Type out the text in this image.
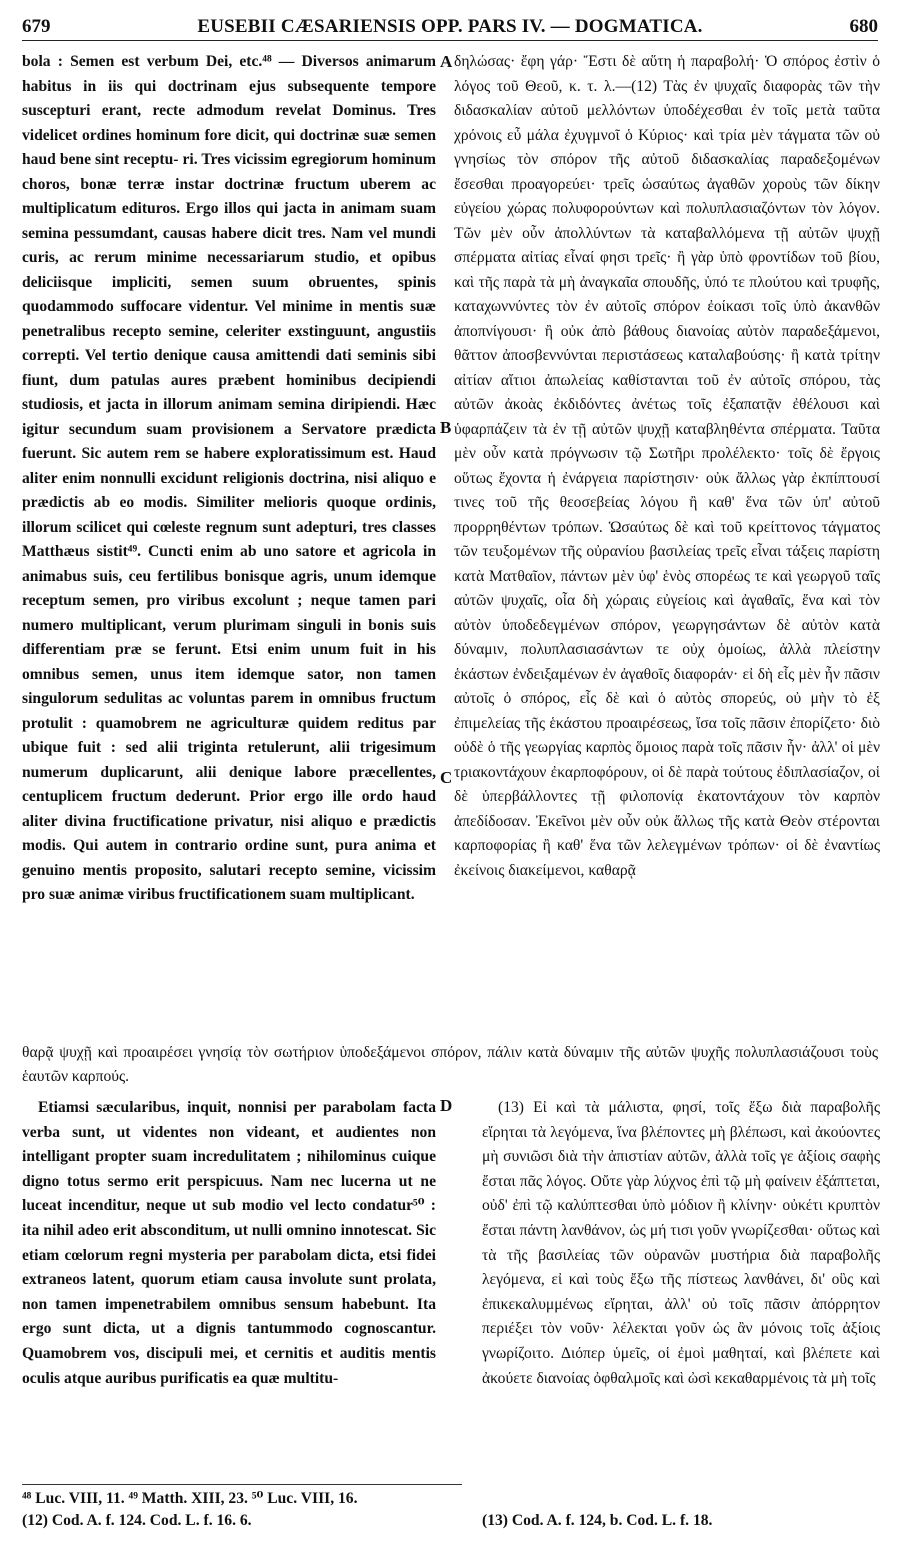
679	EUSEBII CÆSARIENSIS OPP. PARS IV. — DOGMATICA.	680

bola : Semen est verbum Dei, etc.⁴⁸ — Diversos animarum habitus in iis qui doctrinam ejus subsequente tempore suscepturi erant, recte admodum revelat Dominus. Tres videlicet ordines hominum fore dicit, qui doctrinæ suæ semen haud bene sint receptu- ri. Tres vicissim egregiorum hominum choros, bonæ terræ instar doctrinæ fructum uberem ac multiplicatum edituros. Ergo illos qui jacta in animam suam semina pessumdant, causas habere dicit tres. Nam vel mundi curis, ac rerum minime necessariarum studio, et opibus deliciisque impliciti, semen suum obruentes, spinis quodammodo suffocare videntur. Vel minime in mentis suæ penetralibus recepto semine, celeriter exstinguunt, angustiis correpti. Vel tertio denique causa amittendi dati seminis sibi fiunt, dum patulas aures præbent hominibus decipiendi studiosis, et jacta in illorum animam semina diripiendi. Hæc igitur secundum suam provisionem a Servatore prædicta fuerunt. Sic autem rem se habere exploratissimum est. Haud aliter enim nonnulli excidunt religionis doctrina, nisi aliquo e prædictis ab eo modis. Similiter melioris quoque ordinis, illorum scilicet qui cœleste regnum sunt adepturi, tres classes Matthæus sistit⁴⁹. Cuncti enim ab uno satore et agricola in animabus suis, ceu fertilibus bonisque agris, unum idemque receptum semen, pro viribus excolunt ; neque tamen pari numero multiplicant, verum plurimam singuli in bonis suis differentiam præ se ferunt. Etsi enim unum fuit in his omnibus semen, unus item idemque sator, non tamen singulorum sedulitas ac voluntas parem in omnibus fructum protulit : quamobrem ne agriculturæ quidem reditus par ubique fuit : sed alii triginta retulerunt, alii trigesimum numerum duplicarunt, alii denique labore præcellentes, centuplicem fructum dederunt. Prior ergo ille ordo haud aliter divina fructificatione privatur, nisi aliquo e prædictis modis. Qui autem in contrario ordine sunt, pura anima et genuino mentis proposito, salutari recepto semine, vicissim pro suæ animæ viribus fructificationem suam multiplicant.

A
B
C
D

δηλώσας· ἔφη γάρ· Ἔστι δὲ αὕτη ἡ παραβολή· Ὁ σπόρος ἐστὶν ὁ λόγος τοῦ Θεοῦ, κ. τ. λ.—(12) Τὰς ἐν ψυχαῖς διαφορὰς τῶν τὴν διδασκαλίαν αὐτοῦ μελλόντων ὑποδέχεσθαι ἐν τοῖς μετὰ ταῦτα χρόνοις εὖ μάλα ἐχυγμνοῖ ὁ Κύριος· καὶ τρία μὲν τάγματα τῶν οὐ γνησίως τὸν σπόρον τῆς αὐτοῦ διδασκαλίας παραδεξομένων ἔσεσθαι προαγορεύει· τρεῖς ὡσαύτως ἀγαθῶν χοροὺς τῶν δίκην εὐγείου χώρας πολυφορούντων καὶ πολυπλασιαζόντων τὸν λόγον. Τῶν μὲν οὖν ἀπολλύντων τὰ καταβαλλόμενα τῇ αὐτῶν ψυχῇ σπέρματα αἰτίας εἶναί φησι τρεῖς· ἢ γὰρ ὑπὸ φροντίδων τοῦ βίου, καὶ τῆς παρὰ τὰ μὴ ἀναγκαῖα σπουδῆς, ὑπό τε πλούτου καὶ τρυφῆς, καταχωννύντες τὸν ἐν αὐτοῖς σπόρον ἐοίκασι τοῖς ὑπὸ ἀκανθῶν ἀποπνίγουσι· ἢ οὐκ ἀπὸ βάθους διανοίας αὐτὸν παραδεξάμενοι, θᾶττον ἀποσβεννύνται περιστάσεως καταλαβούσης· ἢ κατὰ τρίτην αἰτίαν αἴτιοι ἀπωλείας καθίστανται τοῦ ἐν αὐτοῖς σπόρου, τὰς αὐτῶν ἀκοὰς ἐκδιδόντες ἀνέτως τοῖς ἐξαπατᾷν ἐθέλουσι καὶ ὑφαρπάζειν τὰ ἐν τῇ αὐτῶν ψυχῇ καταβληθέντα σπέρματα. Ταῦτα μὲν οὖν κατὰ πρόγνωσιν τῷ Σωτῆρι προλέλεκτο· τοῖς δὲ ἔργοις οὕτως ἔχοντα ἡ ἐνάργεια παρίστησιν· οὐκ ἄλλως γὰρ ἐκπίπτουσί τινες τοῦ τῆς θεοσεβείας λόγου ἢ καθ' ἕνα τῶν ὑπ' αὐτοῦ προρρηθέντων τρόπων. Ὡσαύτως δὲ καὶ τοῦ κρείττονος τάγματος τῶν τευξομένων τῆς οὐρανίου βασιλείας τρεῖς εἶναι τάξεις παρίστη κατὰ Ματθαῖον, πάντων μὲν ὑφ' ἑνὸς σπορέως τε καὶ γεωργοῦ ταῖς αὐτῶν ψυχαῖς, οἷα δὴ χώραις εὐγείοις καὶ ἀγαθαῖς, ἕνα καὶ τὸν αὐτὸν ὑποδεδεγμένων σπόρον, γεωργησάντων δὲ αὐτὸν κατὰ δύναμιν, πολυπλασιασάντων τε οὐχ ὁμοίως, ἀλλὰ πλείστην ἑκάστων ἐνδειξαμένων ἐν ἀγαθοῖς διαφοράν· εἰ δὴ εἷς μὲν ἦν πᾶσιν αὐτοῖς ὁ σπόρος, εἷς δὲ καὶ ὁ αὐτὸς σπορεύς, οὐ μὴν τὸ ἐξ ἐπιμελείας τῆς ἑκάστου προαιρέσεως, ἴσα τοῖς πᾶσιν ἐπορίζετο· διὸ οὐδὲ ὁ τῆς γεωργίας καρπὸς ὅμοιος παρὰ τοῖς πᾶσιν ἦν· ἀλλ' οἱ μὲν τριακοντάχουν ἐκαρποφόρουν, οἱ δὲ παρὰ τούτους ἐδιπλασίαζον, οἱ δὲ ὑπερβάλλοντες τῇ φιλοπονίᾳ ἑκατοντάχουν τὸν καρπὸν ἀπεδίδοσαν. Ἐκεῖνοι μὲν οὖν οὐκ ἄλλως τῆς κατὰ Θεὸν στέρονται καρποφορίας ἢ καθ' ἕνα τῶν λελεγμένων τρόπων· οἱ δὲ ἐναντίως ἐκείνοις διακείμενοι, καθαρᾷ

θαρᾷ ψυχῇ καὶ προαιρέσει γνησίᾳ τὸν σωτήριον ὑποδεξάμενοι σπόρον, πάλιν κατὰ δύναμιν τῆς αὐτῶν ψυχῆς πολυπλασιάζουσι τοὺς ἑαυτῶν καρπούς.

Etiamsi sæcularibus, inquit, nonnisi per parabolam facta verba sunt, ut videntes non videant, et audientes non intelligant propter suam incredulitatem ; nihilominus cuique digno totus sermo erit perspicuus. Nam nec lucerna ut ne luceat incenditur, neque ut sub modio vel lecto condatur⁵⁰ : ita nihil adeo erit absconditum, ut nulli omnino innotescat. Sic etiam cœlorum regni mysteria per parabolam dicta, etsi fidei extraneos latent, quorum etiam causa involute sunt prolata, non tamen impenetrabilem omnibus sensum habebunt. Ita ergo sunt dicta, ut a dignis tantummodo cognoscantur. Quamobrem vos, discipuli mei, et cernitis et auditis mentis oculis atque auribus purificatis ea quæ multitu-

(13) Εἰ καὶ τὰ μάλιστα, φησί, τοῖς ἔξω διὰ παραβολῆς εἴρηται τὰ λεγόμενα, ἵνα βλέποντες μὴ βλέπωσι, καὶ ἀκούοντες μὴ συνιῶσι διὰ τὴν ἀπιστίαν αὐτῶν, ἀλλὰ τοῖς γε ἀξίοις σαφὴς ἔσται πᾶς λόγος. Οὔτε γὰρ λύχνος ἐπὶ τῷ μὴ φαίνειν ἐξάπτεται, οὐδ' ἐπὶ τῷ καλύπτεσθαι ὑπὸ μόδιον ἢ κλίνην· οὐκέτι κρυπτὸν ἔσται πάντη λανθάνον, ὡς μή τισι γοῦν γνωρίζεσθαι· οὕτως καὶ τὰ τῆς βασιλείας τῶν οὐρανῶν μυστήρια διὰ παραβολῆς λεγόμενα, εἰ καὶ τοὺς ἔξω τῆς πίστεως λανθάνει, δι' οὓς καὶ ἐπικεκαλυμμένως εἴρηται, ἀλλ' οὐ τοῖς πᾶσιν ἀπόρρητον περιέξει τὸν νοῦν· λέλεκται γοῦν ὡς ἂν μόνοις τοῖς ἀξίοις γνωρίζοιτο. Διόπερ ὑμεῖς, οἱ ἐμοὶ μαθηταί, καὶ βλέπετε καὶ ἀκούετε διανοίας ὀφθαλμοῖς καὶ ὠσὶ κεκαθαρμένοις τὰ μὴ τοῖς

⁴⁸ Luc. VIII, 11. ⁴⁹ Matth. XIII, 23. ⁵⁰ Luc. VIII, 16.
(12) Cod. A. f. 124. Cod. L. f. 16. 6.	(13) Cod. A. f. 124, b. Cod. L. f. 18.
